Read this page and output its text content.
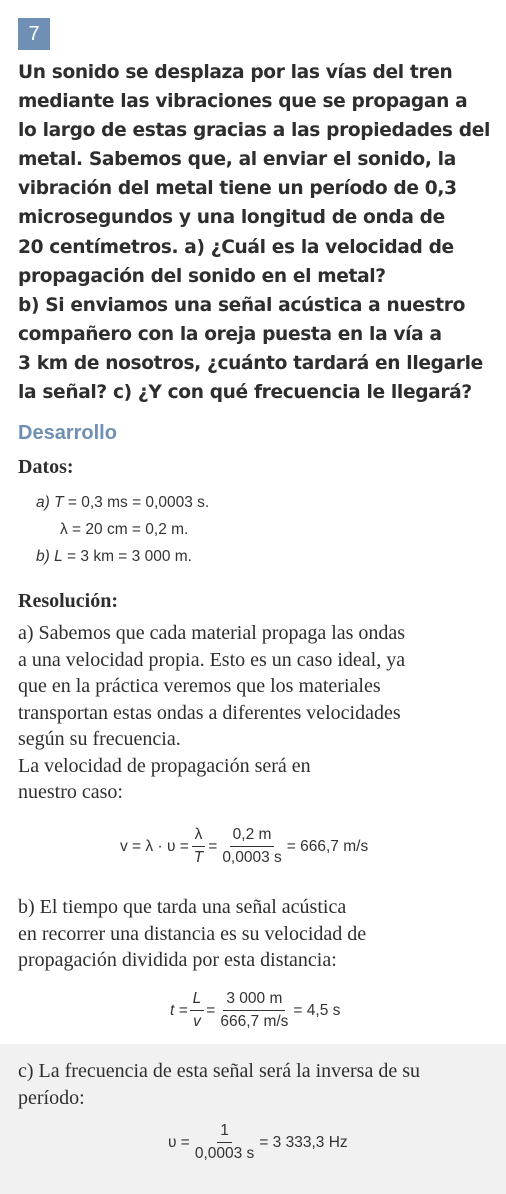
7
Un sonido se desplaza por las vías del tren
mediante las vibraciones que se propagan a
lo largo de estas gracias a las propiedades del
metal. Sabemos que, al enviar el sonido, la
vibración del metal tiene un período de 0,3
microsegundos y una longitud de onda de
20 centímetros. a) ¿Cuál es la velocidad de
propagación del sonido en el metal?
b) Si enviamos una señal acústica a nuestro
compañero con la oreja puesta en la vía a
3 km de nosotros, ¿cuánto tardará en llegarle
la señal? c) ¿Y con qué frecuencia le llegará?
Desarrollo
Datos:
a) T = 0,3 ms = 0,0003 s.
λ = 20 cm = 0,2 m.
b) L = 3 km = 3 000 m.
Resolución:
a) Sabemos que cada material propaga las ondas
a una velocidad propia. Esto es un caso ideal, ya
que en la práctica veremos que los materiales
transportan estas ondas a diferentes velocidades
según su frecuencia.
La velocidad de propagación será en
nuestro caso:
$v = \lambda \cdot \upsilon = \frac{\lambda}{T} = \frac{0,2 m}{0,0003 s} = 666,7$ m/s
b) El tiempo que tarda una señal acústica
en recorrer una distancia es su velocidad de
propagación dividida por esta distancia:
$t = \frac{L}{v} = \frac{3 000 m}{666,7 m/s} = 4,5$ s
c) La frecuencia de esta señal será la inversa de su
período:
$\upsilon = \frac{1}{0,0003 s} = 3$ 333,3 Hz
